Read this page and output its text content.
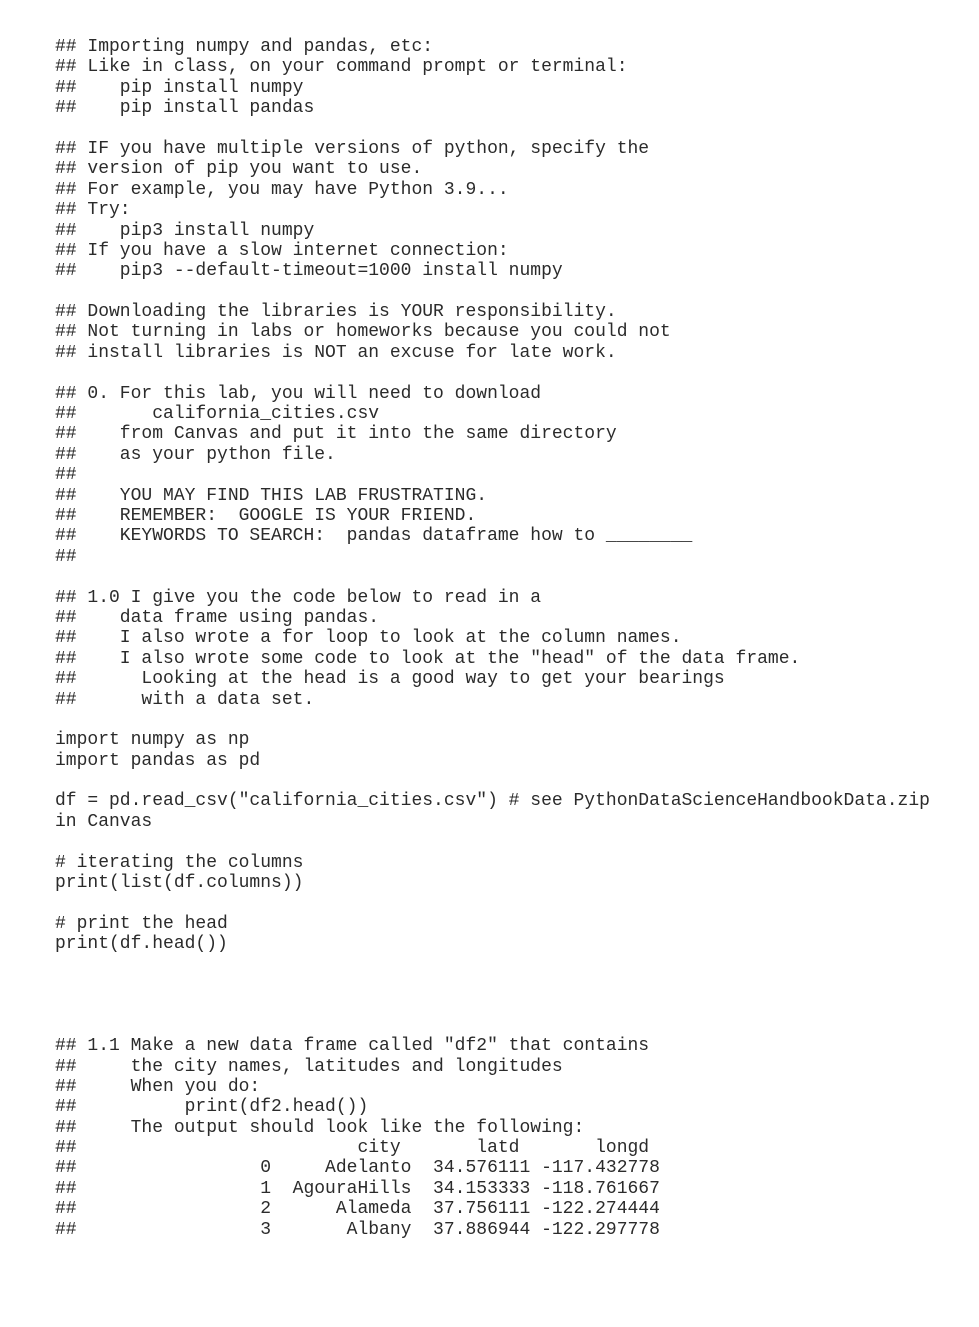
## Importing numpy and pandas, etc:
## Like in class, on your command prompt or terminal:
##    pip install numpy
##    pip install pandas
## IF you have multiple versions of python, specify the
## version of pip you want to use.
## For example, you may have Python 3.9...
## Try:
##    pip3 install numpy
## If you have a slow internet connection:
##    pip3 --default-timeout=1000 install numpy
## Downloading the libraries is YOUR responsibility.
## Not turning in labs or homeworks because you could not
## install libraries is NOT an excuse for late work.
## 0. For this lab, you will need to download
##       california_cities.csv
##    from Canvas and put it into the same directory
##    as your python file.
##
##    YOU MAY FIND THIS LAB FRUSTRATING.
##    REMEMBER:  GOOGLE IS YOUR FRIEND.
##    KEYWORDS TO SEARCH:  pandas dataframe how to ________
##
## 1.0 I give you the code below to read in a
##    data frame using pandas.
##    I also wrote a for loop to look at the column names.
##    I also wrote some code to look at the "head" of the data frame.
##      Looking at the head is a good way to get your bearings
##      with a data set.
import numpy as np
import pandas as pd
df = pd.read_csv("california_cities.csv") # see PythonDataScienceHandbookData.zip
in Canvas
# iterating the columns
print(list(df.columns))
# print the head
print(df.head())
## 1.1 Make a new data frame called "df2" that contains
##     the city names, latitudes and longitudes
##     When you do:
##          print(df2.head())
##     The output should look like the following:
##                          city       latd       longd
##                 0     Adelanto  34.576111 -117.432778
##                 1  AgouraHills  34.153333 -118.761667
##                 2      Alameda  37.756111 -122.274444
##                 3       Albany  37.886944 -122.297778
